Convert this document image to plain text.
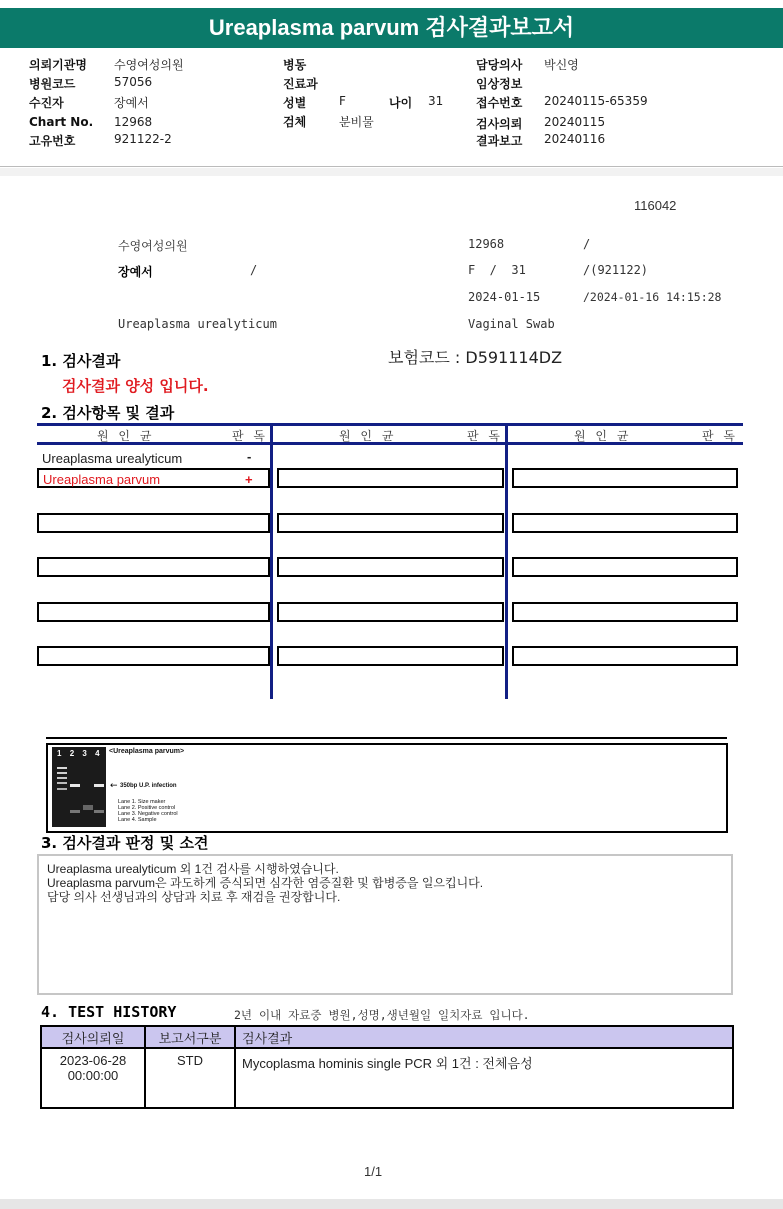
Ureaplasma parvum 검사결과보고서
의뢰기관명 수영여성의원
병원코드	57056
수진자	장예서
Chart No. 12968
고유번호	921122-2
병동
진료과
성별	F	나이 31
검체	분비물
담당의사 박신영
임상정보
접수번호 20240115-65359
검사의뢰 20240115
결과보고 20240116
116042
수영여성의원	12968	/
장예서	/	F  /  31	/(921122)
2024-01-15	/2024-01-16 14:15:28
Ureaplasma urealyticum	Vaginal Swab
1. 검사결과	보험코드 : D591114DZ
검사결과 양성 입니다.
2. 검사항목 및 결과
원 인 균	판 독	원 인 균	판 독	원 인 균	판 독
Ureaplasma urealyticum	-
Ureaplasma parvum	+
1 2 3 4 <Ureaplasma parvum>
← 350bp U.P. infection
Lane 1. Size maker
Lane 2. Positive control
Lane 3. Negative control
Lane 4. Sample
3. 검사결과 판정 및 소견
Ureaplasma urealyticum 외 1건 검사를 시행하였습니다.
Ureaplasma parvum은 과도하게 증식되면 심각한 염증질환 및 합병증을 일으킵니다.
담당 의사 선생님과의 상담과 치료 후 재검을 권장합니다.
4. TEST HISTORY	2년 이내 자료중 병원,성명,생년월일 일치자료 입니다.
검사의뢰일	보고서구분	검사결과

2023-06-28
00:00:00	STD	Mycoplasma hominis single PCR 외 1건 : 전체음성
1/1
